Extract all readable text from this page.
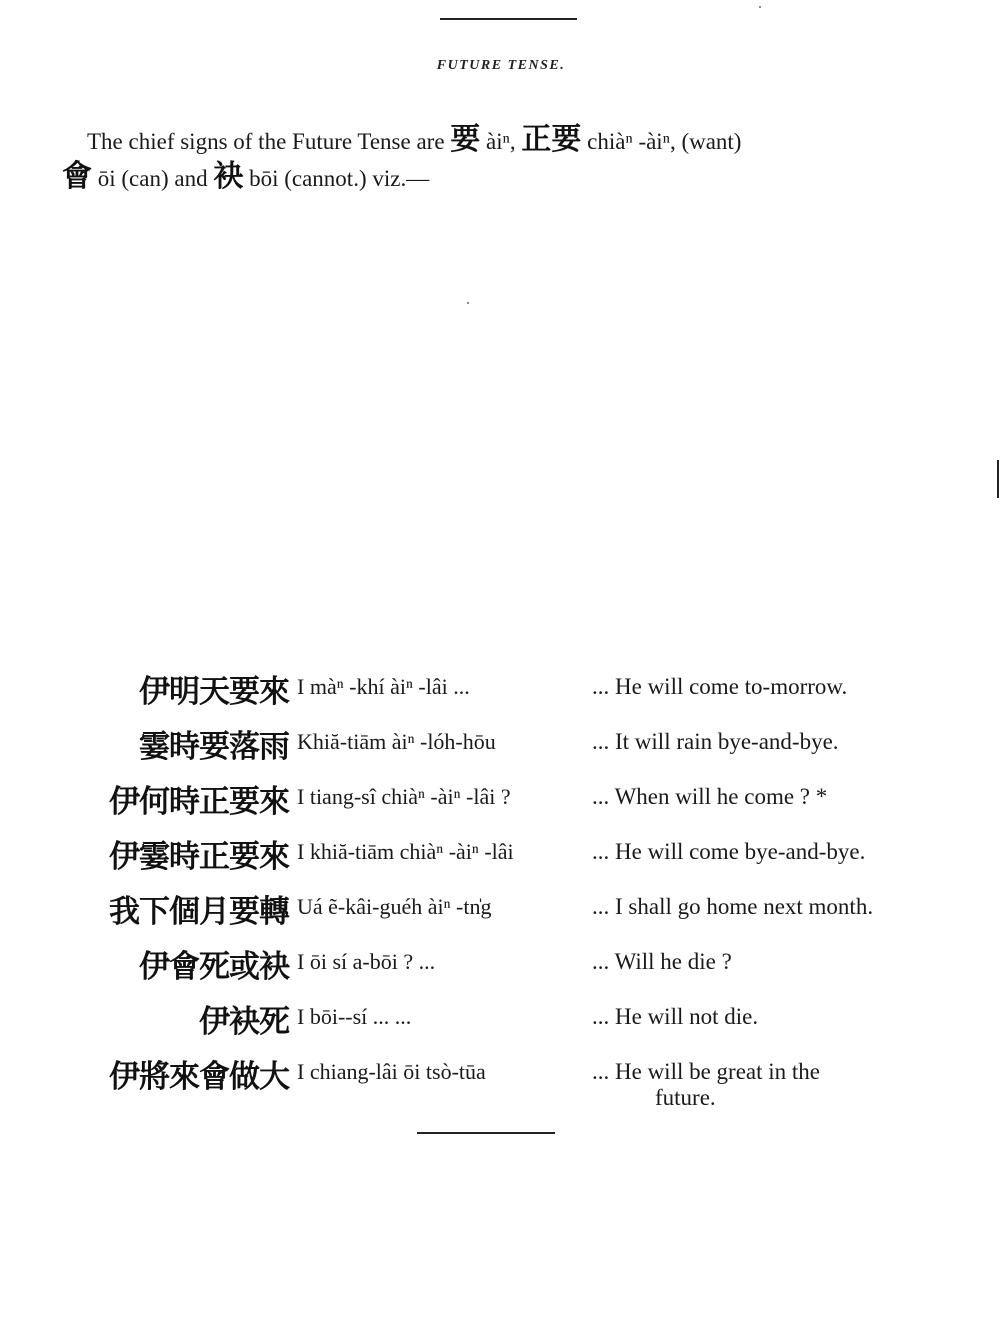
FUTURE TENSE.
The chief signs of the Future Tense are 要 àiⁿ, 正要 chiàⁿ -àiⁿ, (want)
會 ōi (can) and 袂 bōi (cannot.) viz.—
伊明天要來 I màⁿ -khí àiⁿ -lâi ...	... He will come to-morrow.
霎時要落雨 Khiă-tiām àiⁿ -lóh-hōu	... It will rain bye-and-bye.
伊何時正要來 I tiang-sî chiàⁿ -àiⁿ -lâi ?	... When will he come ? *
伊霎時正要來 I khiă-tiām chiàⁿ -àiⁿ -lâi	... He will come bye-and-bye.
我下個月要轉 Uá ẽ-kâi-guéh àiⁿ -tn̍g	... I shall go home next month.
伊會死或袂 I ōi sí a-bōi ? ...	... Will he die ?
伊袂死 I bōi--sí ... ...	... He will not die.
伊將來會做大 I chiang-lâi ōi tsò-tūa	... He will be great in the
future.
